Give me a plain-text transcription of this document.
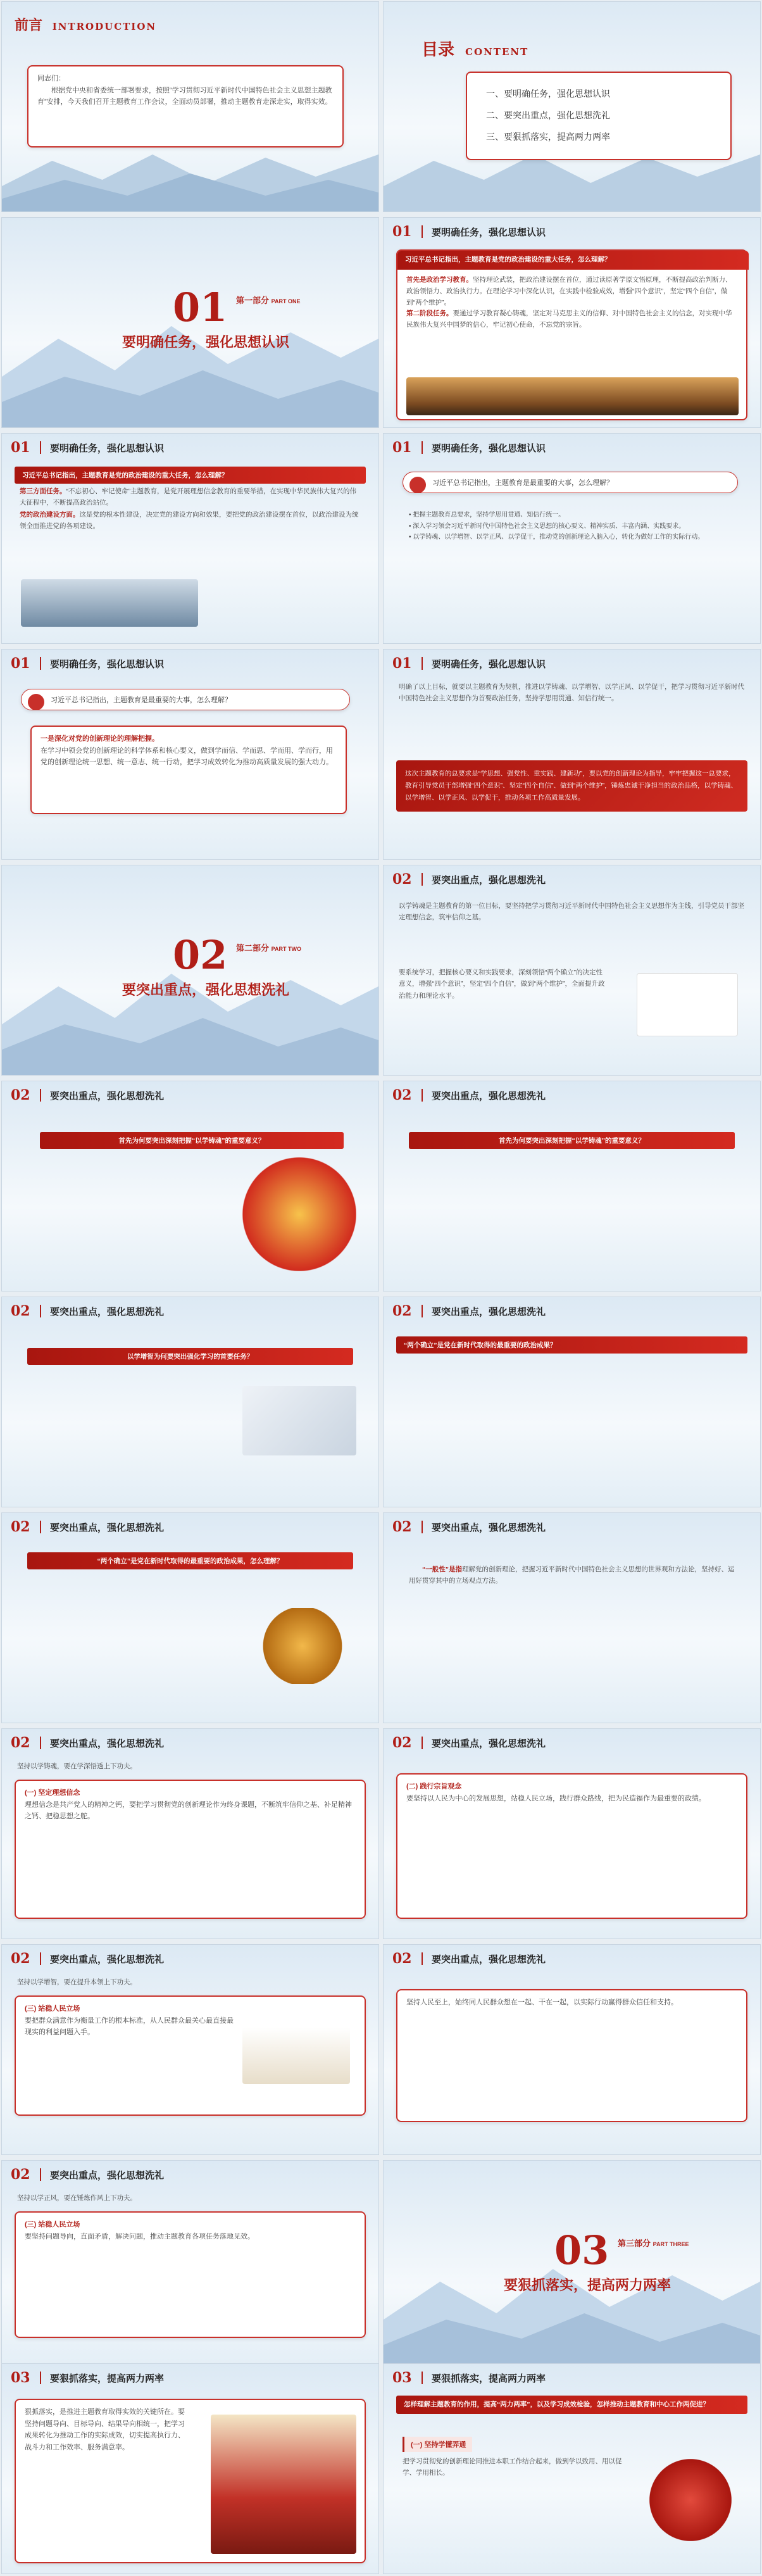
前言 INTRODUCTION
同志们：
根据党中央和省委统一部署要求，按照“学习贯彻习近平新时代中国特色社会主义思想主题教育”安排，今天我们召开主题教育工作会议，全面动员部署，推动主题教育走深走实，取得实效。
目录 CONTENT
一、要明确任务，强化思想认识
二、要突出重点，强化思想洗礼
三、要狠抓落实，提高两力两率
01 第一部分 PART ONE
要明确任务，强化思想认识
01	要明确任务，强化思想认识
习近平总书记指出，主题教育是党的政治建设的重大任务，怎么理解？
首先是政治学习教育。坚持理论武装，把政治建设摆在首位，通过读原著学原文悟原理，不断提高政治判断力、政治领悟力、政治执行力。在理论学习中深化认识，在实践中检验成效，增强“四个意识”，坚定“四个自信”，做到“两个维护”。
第二阶段任务。要通过学习教育凝心铸魂，坚定对马克思主义的信仰、对中国特色社会主义的信念，对实现中华民族伟大复兴中国梦的信心，牢记初心使命，不忘党的宗旨。
01	要明确任务，强化思想认识
习近平总书记指出，主题教育是党的政治建设的重大任务，怎么理解？
第三方面任务。“不忘初心、牢记使命”主题教育，是党开展理想信念教育的重要举措，在实现中华民族伟大复兴的伟大征程中，不断提高政治站位。
党的政治建设方面。这是党的根本性建设，决定党的建设方向和效果，要把党的政治建设摆在首位，以政治建设为统领全面推进党的各项建设。
01	要明确任务，强化思想认识
习近平总书记指出，主题教育是最重要的大事，怎么理解？
• 把握主题教育总要求，坚持学思用贯通、知信行统一。
• 深入学习领会习近平新时代中国特色社会主义思想的核心要义、精神实质、丰富内涵、实践要求。
• 以学铸魂、以学增智、以学正风、以学促干，推动党的创新理论入脑入心，转化为做好工作的实际行动。
01	要明确任务，强化思想认识
习近平总书记指出，主题教育是最重要的大事，怎么理解？
一是深化对党的创新理论的理解把握。
在学习中领会党的创新理论的科学体系和核心要义，做到学而信、学而思、学而用、学而行，用党的创新理论统一思想、统一意志、统一行动，把学习成效转化为推动高质量发展的强大动力。
01	要明确任务，强化思想认识
明确了以上目标，就要以主题教育为契机，推进以学铸魂、以学增智、以学正风、以学促干，把学习贯彻习近平新时代中国特色社会主义思想作为首要政治任务，坚持学思用贯通、知信行统一。
这次主题教育的总要求是“学思想、强党性、重实践、建新功”，要以党的创新理论为指导，牢牢把握这一总要求，教育引导党员干部增强“四个意识”、坚定“四个自信”、做到“两个维护”，锤炼忠诚干净担当的政治品格，以学铸魂、以学增智、以学正风、以学促干，推动各项工作高质量发展。
02 第二部分 PART TWO
要突出重点，强化思想洗礼
02	要突出重点，强化思想洗礼
以学铸魂是主题教育的第一位目标，要坚持把学习贯彻习近平新时代中国特色社会主义思想作为主线，引导党员干部坚定理想信念，筑牢信仰之基。
要系统学习，把握核心要义和实践要求，深刻领悟“两个确立”的决定性意义，增强“四个意识”，坚定“四个自信”，做到“两个维护”，全面提升政治能力和理论水平。
02	要突出重点，强化思想洗礼
首先为何要突出深刻把握“以学铸魂”的重要意义？
02	要突出重点，强化思想洗礼
首先为何要突出深刻把握“以学铸魂”的重要意义？
02	要突出重点，强化思想洗礼
以学增智为何要突出强化学习的首要任务？
02	要突出重点，强化思想洗礼
“两个确立”是党在新时代取得的最重要的政治成果？
02	要突出重点，强化思想洗礼
“两个确立”是党在新时代取得的最重要的政治成果，怎么理解？
02	要突出重点，强化思想洗礼
“一般性”是指理解党的创新理论，把握习近平新时代中国特色社会主义思想的世界观和方法论，坚持好、运用好贯穿其中的立场观点方法。
02	要突出重点，强化思想洗礼
坚持以学铸魂，要在学深悟透上下功夫。
(一) 坚定理想信念
理想信念是共产党人的精神之钙，要把学习贯彻党的创新理论作为终身课题，不断筑牢信仰之基、补足精神之钙、把稳思想之舵。
02	要突出重点，强化思想洗礼
(二) 践行宗旨观念
要坚持以人民为中心的发展思想，站稳人民立场，践行群众路线，把为民造福作为最重要的政绩。
02	要突出重点，强化思想洗礼
坚持以学增智，要在提升本领上下功夫。
(三) 站稳人民立场
要把群众满意作为衡量工作的根本标准，从人民群众最关心最直接最现实的利益问题入手。
02	要突出重点，强化思想洗礼
坚持人民至上，始终同人民群众想在一起、干在一起，以实际行动赢得群众信任和支持。
02	要突出重点，强化思想洗礼
坚持以学正风，要在锤炼作风上下功夫。
(三) 站稳人民立场
要坚持问题导向，直面矛盾，解决问题，推动主题教育各项任务落地见效。	03 第三部分 PART THREE
要狠抓落实，提高两力两率
03	要狠抓落实，提高两力两率
狠抓落实，是推进主题教育取得实效的关键所在。要坚持问题导向、目标导向、结果导向相统一，把学习成果转化为推动工作的实际成效，切实提高执行力、战斗力和工作效率、服务满意率。
03	要狠抓落实，提高两力两率
怎样理解主题教育的作用，提高“两力两率”，以及学习成效检验，怎样推动主题教育和中心工作两促进？
(一) 坚持学懂弄通
把学习贯彻党的创新理论同推进本职工作结合起来，做到学以致用、用以促学、学用相长。
